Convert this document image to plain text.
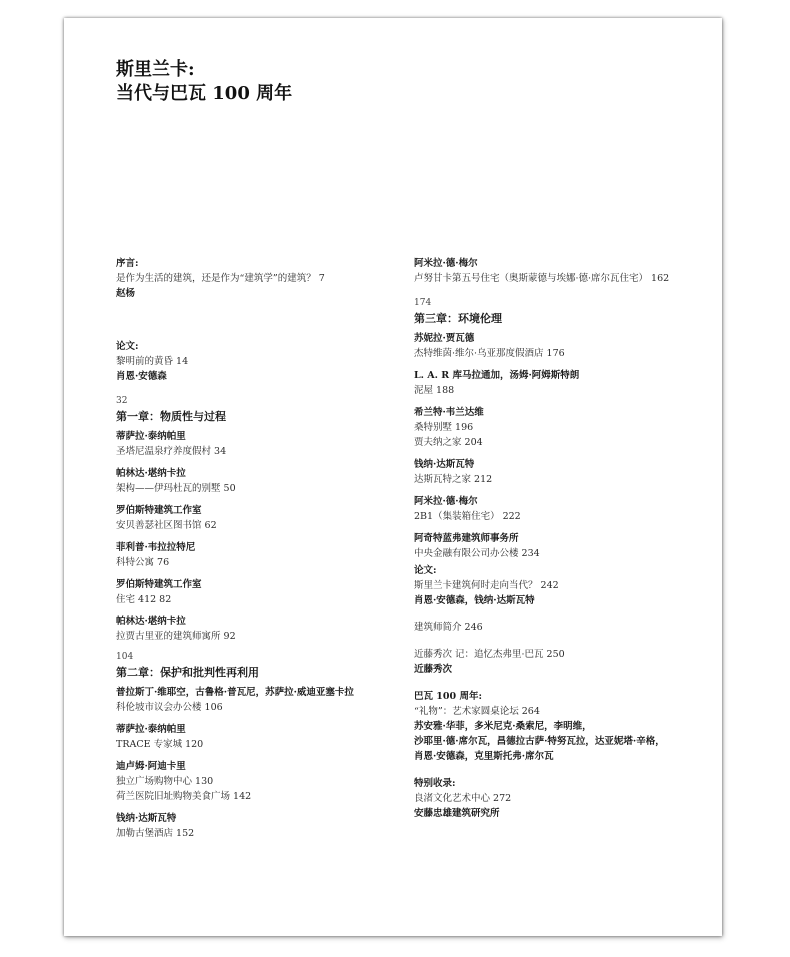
斯里兰卡:
当代与巴瓦 100 周年
序言:
是作为生活的建筑，还是作为“建筑学”的建筑？ 7
赵杨
论文:
黎明前的黄昏 14
肖恩·安德森
32
第一章：物质性与过程
蒂萨拉·泰纳帕里
圣塔尼温泉疗养度假村 34
帕林达·堪纳卡拉
架构——伊玛杜瓦的别墅 50
罗伯斯特建筑工作室
安贝善瑟社区图书馆 62
菲利普·韦拉拉特尼
科特公寓 76
罗伯斯特建筑工作室
住宅 412 82
帕林达·堪纳卡拉
拉贾古里亚的建筑师寓所 92
104
第二章：保护和批判性再利用
普拉斯丁·维耶空，古鲁格·普瓦尼，苏萨拉·威迪亚塞卡拉
科伦坡市议会办公楼 106
蒂萨拉·泰纳帕里
TRACE 专家城 120
迪卢姆·阿迪卡里
独立广场购物中心 130
荷兰医院旧址购物美食广场 142
钱纳·达斯瓦特
加勒古堡酒店 152
阿米拉·德·梅尔
卢努甘卡第五号住宅（奥斯蒙德与埃娜·德·席尔瓦住宅） 162
174
第三章：环境伦理
苏妮拉·贾瓦德
杰特维茵·维尔·乌亚那度假酒店 176
L. A. R 库马拉通加，汤姆·阿姆斯特朗
泥屋 188
希兰特·韦兰达维
桑特别墅 196
贾夫纳之家 204
钱纳·达斯瓦特
达斯瓦特之家 212
阿米拉·德·梅尔
2B1（集装箱住宅） 222
阿奇特蓝弗建筑师事务所
中央金融有限公司办公楼 234
论文:
斯里兰卡建筑何时走向当代？ 242
肖恩·安德森，钱纳·达斯瓦特
建筑师简介 246
近藤秀次 记：追忆杰弗里·巴瓦 250
近藤秀次
巴瓦 100 周年:
“礼物”：艺术家圆桌论坛 264
苏安雅·华菲，多米尼克·桑索尼，李明维，
沙耶里·德·席尔瓦，昌德拉古萨·特努瓦拉，达亚妮塔·辛格，
肖恩·安德森，克里斯托弗·席尔瓦
特别收录:
良渚文化艺术中心 272
安藤忠雄建筑研究所
